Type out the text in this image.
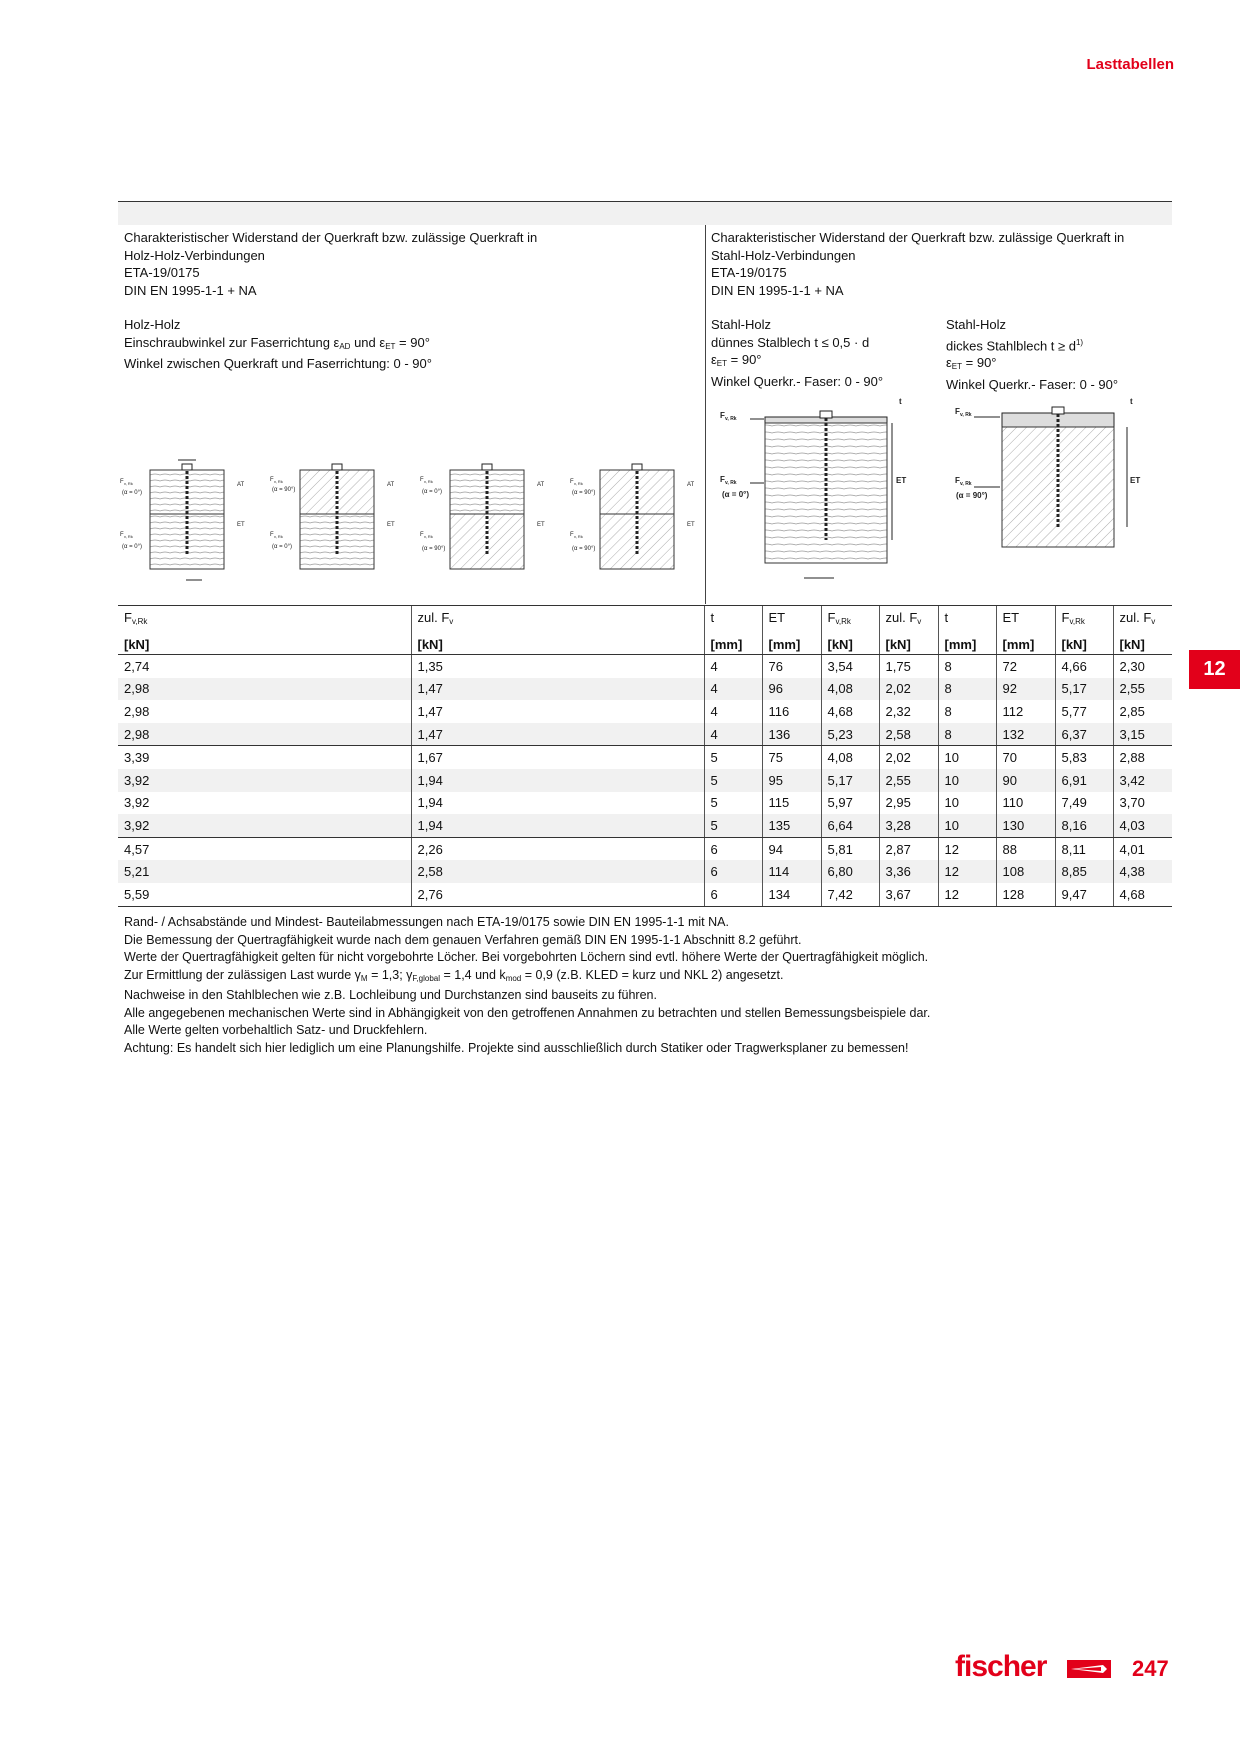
Lasttabellen
12
Charakteristischer Widerstand der Querkraft bzw. zulässige Querkraft in
Holz-Holz-Verbindungen
ETA-19/0175
DIN EN 1995-1-1 + NA
Holz-Holz
Einschraubwinkel zur Faserrichtung $\varepsilon_{AD}$ und $\varepsilon_{ET} = 90^\circ$
Winkel zwischen Querkraft und Faserrichtung: 0 - 90°
Charakteristischer Widerstand der Querkraft bzw. zulässige Querkraft in
Stahl-Holz-Verbindungen
ETA-19/0175
DIN EN 1995-1-1 + NA
Stahl-Holz
dünnes Stalblech t ≤ 0,5 · d
$\varepsilon_{ET} = 90^\circ$
Winkel Querkr.- Faser: 0 - 90°
Stahl-Holz
dickes Stahlblech $t \ge d^{1)}$
$\varepsilon_{ET} = 90^\circ$
Winkel Querkr.- Faser: 0 - 90°
F v, Rk
(α = 0°)
F v, Rk
(α = 0°)
AT
ET
F v, Rk
(α = 90°)
F v, Rk
(α = 0°)
AT
ET
F v, Rk
(α = 0°)
F v, Rk
(α = 90°)
AT
ET
F v, Rk
(α = 90°)
F v, Rk
(α = 90°)
AT
ET
t	t
F v, Rk
F v, Rk
(α = 0°)
ET
F v, Rk
F v, Rk
(α = 90°)
ET
$F_{v,Rk}$	zul. $F_v$	t	ET	$F_{v,Rk}$	zul. $F_v$	t	ET	$F_{v,Rk}$	zul. $F_v$
[kN]	[kN]	[mm]	[mm]	[kN]	[kN]	[mm]	[mm]	[kN]	[kN]
2,74	1,35	4	76	3,54	1,75	8	72	4,66	2,30
2,98	1,47	4	96	4,08	2,02	8	92	5,17	2,55
2,98	1,47	4	116	4,68	2,32	8	112	5,77	2,85
2,98	1,47	4	136	5,23	2,58	8	132	6,37	3,15
3,39	1,67	5	75	4,08	2,02	10	70	5,83	2,88
3,92	1,94	5	95	5,17	2,55	10	90	6,91	3,42
3,92	1,94	5	115	5,97	2,95	10	110	7,49	3,70
3,92	1,94	5	135	6,64	3,28	10	130	8,16	4,03
4,57	2,26	6	94	5,81	2,87	12	88	8,11	4,01
5,21	2,58	6	114	6,80	3,36	12	108	8,85	4,38
5,59	2,76	6	134	7,42	3,67	12	128	9,47	4,68
Rand- / Achsabstände und Mindest- Bauteilabmessungen nach ETA-19/0175 sowie DIN EN 1995-1-1 mit NA.
Die Bemessung der Quertragfähigkeit wurde nach dem genauen Verfahren gemäß DIN EN 1995-1-1 Abschnitt 8.2 geführt.
Werte der Quertragfähigkeit gelten für nicht vorgebohrte Löcher. Bei vorgebohrten Löchern sind evtl. höhere Werte der Quertragfähigkeit möglich.
Zur Ermittlung der zulässigen Last wurde $\gamma_M = 1,3$; $\gamma_{F,global} = 1,4$ und $k_{mod} = 0,9$ (z.B. KLED = kurz und NKL 2) angesetzt.
Nachweise in den Stahlblechen wie z.B. Lochleibung und Durchstanzen sind bauseits zu führen.
Alle angegebenen mechanischen Werte sind in Abhängigkeit von den getroffenen Annahmen zu betrachten und stellen Bemessungsbeispiele dar.
Alle Werte gelten vorbehaltlich Satz- und Druckfehlern.
Achtung: Es handelt sich hier lediglich um eine Planungshilfe. Projekte sind ausschließlich durch Statiker oder Tragwerksplaner zu bemessen!
fischer	247
